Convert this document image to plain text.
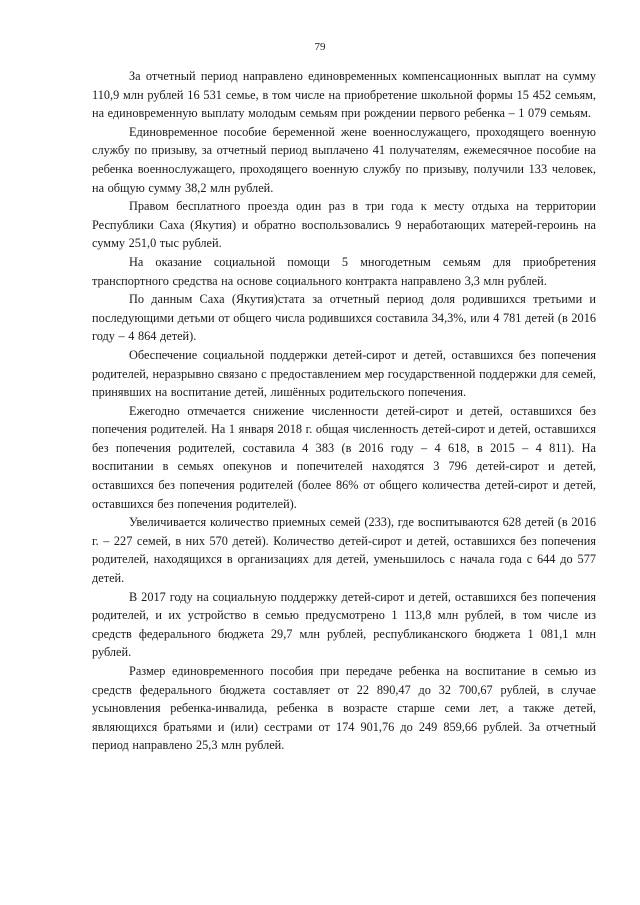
79

За отчетный период направлено единовременных компенсационных выплат на сумму 110,9 млн рублей 16 531 семье, в том числе на приобретение школьной формы 15 452 семьям, на единовременную выплату молодым семьям при рождении первого ребенка – 1 079 семьям.

Единовременное пособие беременной жене военнослужащего, проходящего военную службу по призыву, за отчетный период выплачено 41 получателям, ежемесячное пособие на ребенка военнослужащего, проходящего военную службу по призыву, получили 133 человек, на общую сумму 38,2 млн рублей.

Правом бесплатного проезда один раз в три года к месту отдыха на территории Республики Саха (Якутия) и обратно воспользовались 9 неработающих матерей-героинь на сумму 251,0 тыс рублей.

На оказание социальной помощи 5 многодетным семьям для приобретения транспортного средства на основе социального контракта направлено 3,3 млн рублей.

По данным Саха (Якутия)стата за отчетный период доля родившихся третьими и последующими детьми от общего числа родившихся составила 34,3%, или 4 781 детей (в 2016 году – 4 864 детей).

Обеспечение социальной поддержки детей-сирот и детей, оставшихся без попечения родителей, неразрывно связано с предоставлением мер государственной поддержки для семей, принявших на воспитание детей, лишённых родительского попечения.

Ежегодно отмечается снижение численности детей-сирот и детей, оставшихся без попечения родителей. На 1 января 2018 г. общая численность детей-сирот и детей, оставшихся без попечения родителей, составила 4 383 (в 2016 году – 4 618, в 2015 – 4 811). На воспитании в семьях опекунов и попечителей находятся 3 796 детей-сирот и детей, оставшихся без попечения родителей (более 86% от общего количества детей-сирот и детей, оставшихся без попечения родителей).

Увеличивается количество приемных семей (233), где воспитываются 628 детей (в 2016 г. – 227 семей, в них 570 детей). Количество детей-сирот и детей, оставшихся без попечения родителей, находящихся в организациях для детей, уменьшилось с начала года с 644 до 577 детей.

В 2017 году на социальную поддержку детей-сирот и детей, оставшихся без попечения родителей, и их устройство в семью предусмотрено 1 113,8 млн рублей, в том числе из средств федерального бюджета 29,7 млн рублей, республиканского бюджета 1 081,1 млн рублей.

Размер единовременного пособия при передаче ребенка на воспитание в семью из средств федерального бюджета составляет от 22 890,47 до 32 700,67 рублей, в случае усыновления ребенка-инвалида, ребенка в возрасте старше семи лет, а также детей, являющихся братьями и (или) сестрами от 174 901,76 до 249 859,66 рублей. За отчетный период направлено 25,3 млн рублей.
